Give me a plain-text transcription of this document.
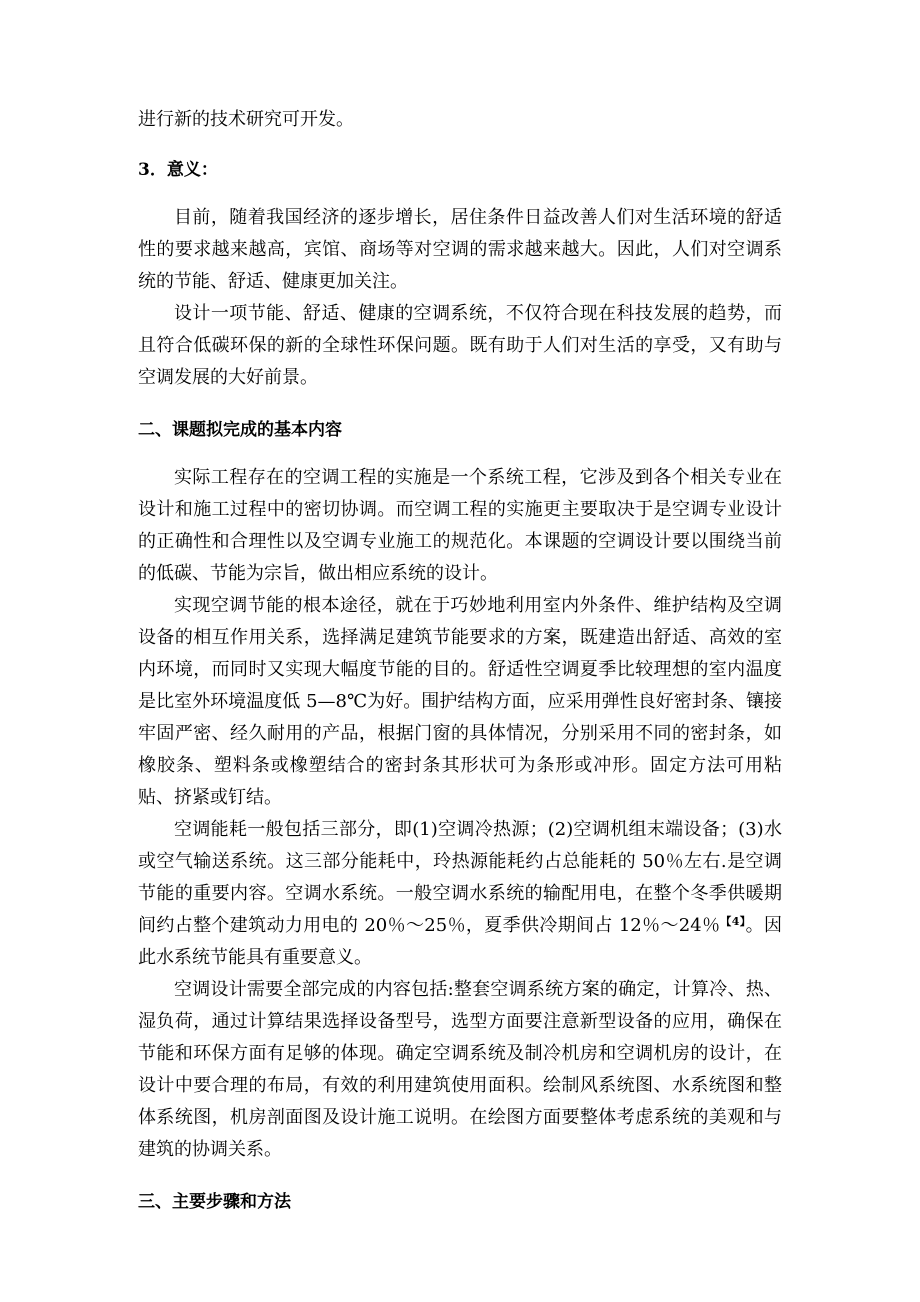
进行新的技术研究可开发。
3．意义：

目前，随着我国经济的逐步增长，居住条件日益改善人们对生活环境的舒适性的要求越来越高，宾馆、商场等对空调的需求越来越大。因此，人们对空调系统的节能、舒适、健康更加关注。

设计一项节能、舒适、健康的空调系统，不仅符合现在科技发展的趋势，而且符合低碳环保的新的全球性环保问题。既有助于人们对生活的享受，又有助与空调发展的大好前景。

二、课题拟完成的基本内容

实际工程存在的空调工程的实施是一个系统工程，它涉及到各个相关专业在设计和施工过程中的密切协调。而空调工程的实施更主要取决于是空调专业设计的正确性和合理性以及空调专业施工的规范化。本课题的空调设计要以围绕当前的低碳、节能为宗旨，做出相应系统的设计。

实现空调节能的根本途径，就在于巧妙地利用室内外条件、维护结构及空调设备的相互作用关系，选择满足建筑节能要求的方案，既建造出舒适、高效的室内环境，而同时又实现大幅度节能的目的。舒适性空调夏季比较理想的室内温度是比室外环境温度低 5—8℃为好。围护结构方面，应采用弹性良好密封条、镶接牢固严密、经久耐用的产品，根据门窗的具体情况，分别采用不同的密封条，如橡胶条、塑料条或橡塑结合的密封条其形状可为条形或冲形。固定方法可用粘贴、挤紧或钉结。

空调能耗一般包括三部分，即(1)空调冷热源；(2)空调机组末端设备；(3)水或空气输送系统。这三部分能耗中，玲热源能耗约占总能耗的 50％左右.是空调节能的重要内容。空调水系统。一般空调水系统的输配用电，在整个冬季供暖期间约占整个建筑动力用电的 20％～25％，夏季供冷期间占 12％～24％$^{【4】}$。因此水系统节能具有重要意义。

空调设计需要全部完成的内容包括:整套空调系统方案的确定，计算冷、热、湿负荷，通过计算结果选择设备型号，选型方面要注意新型设备的应用，确保在节能和环保方面有足够的体现。确定空调系统及制冷机房和空调机房的设计，在设计中要合理的布局，有效的利用建筑使用面积。绘制风系统图、水系统图和整体系统图，机房剖面图及设计施工说明。在绘图方面要整体考虑系统的美观和与建筑的协调关系。

三、主要步骤和方法
